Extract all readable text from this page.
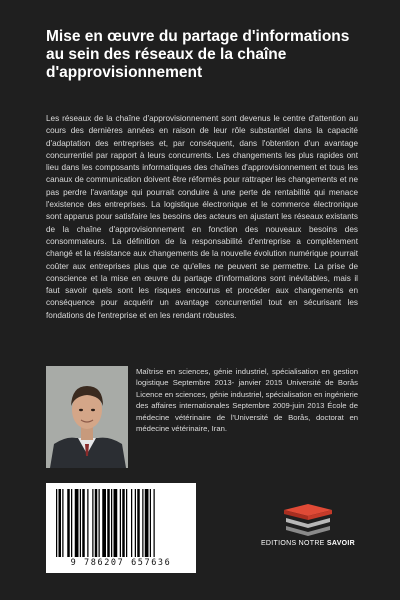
Mise en œuvre du partage d'informations au sein des réseaux de la chaîne d'approvisionnement

Les réseaux de la chaîne d'approvisionnement sont devenus le centre d'attention au cours des dernières années en raison de leur rôle substantiel dans la capacité d'adaptation des entreprises et, par conséquent, dans l'obtention d'un avantage concurrentiel par rapport à leurs concurrents. Les changements les plus rapides ont lieu dans les composants informatiques des chaînes d'approvisionnement et tous les canaux de communication doivent être réformés pour rattraper les changements et ne pas perdre l'avantage qui pourrait conduire à une perte de rentabilité qui menace l'existence des entreprises. La logistique électronique et le commerce électronique sont apparus pour satisfaire les besoins des acteurs en ajustant les réseaux existants de la chaîne d'approvisionnement en fonction des nouveaux besoins des consommateurs. La définition de la responsabilité d'entreprise a complètement changé et la résistance aux changements de la nouvelle évolution numérique pourrait coûter aux entreprises plus que ce qu'elles ne peuvent se permettre. La prise de conscience et la mise en œuvre du partage d'informations sont inévitables, mais il faut savoir quels sont les risques encourus et procéder aux changements en conséquence pour acquérir un avantage concurrentiel tout en sécurisant les fondations de l'entreprise et en les rendant robustes.

Maîtrise en sciences, génie industriel, spécialisation en gestion logistique Septembre 2013- janvier 2015 Université de Borås Licence en sciences, génie industriel, spécialisation en ingénierie des affaires internationales Septembre 2009-juin 2013 École de médecine vétérinaire de l'Université de Borås, doctorat en médecine vétérinaire, Iran.

9 786207 657636
EDITIONS NOTRE SAVOIR
